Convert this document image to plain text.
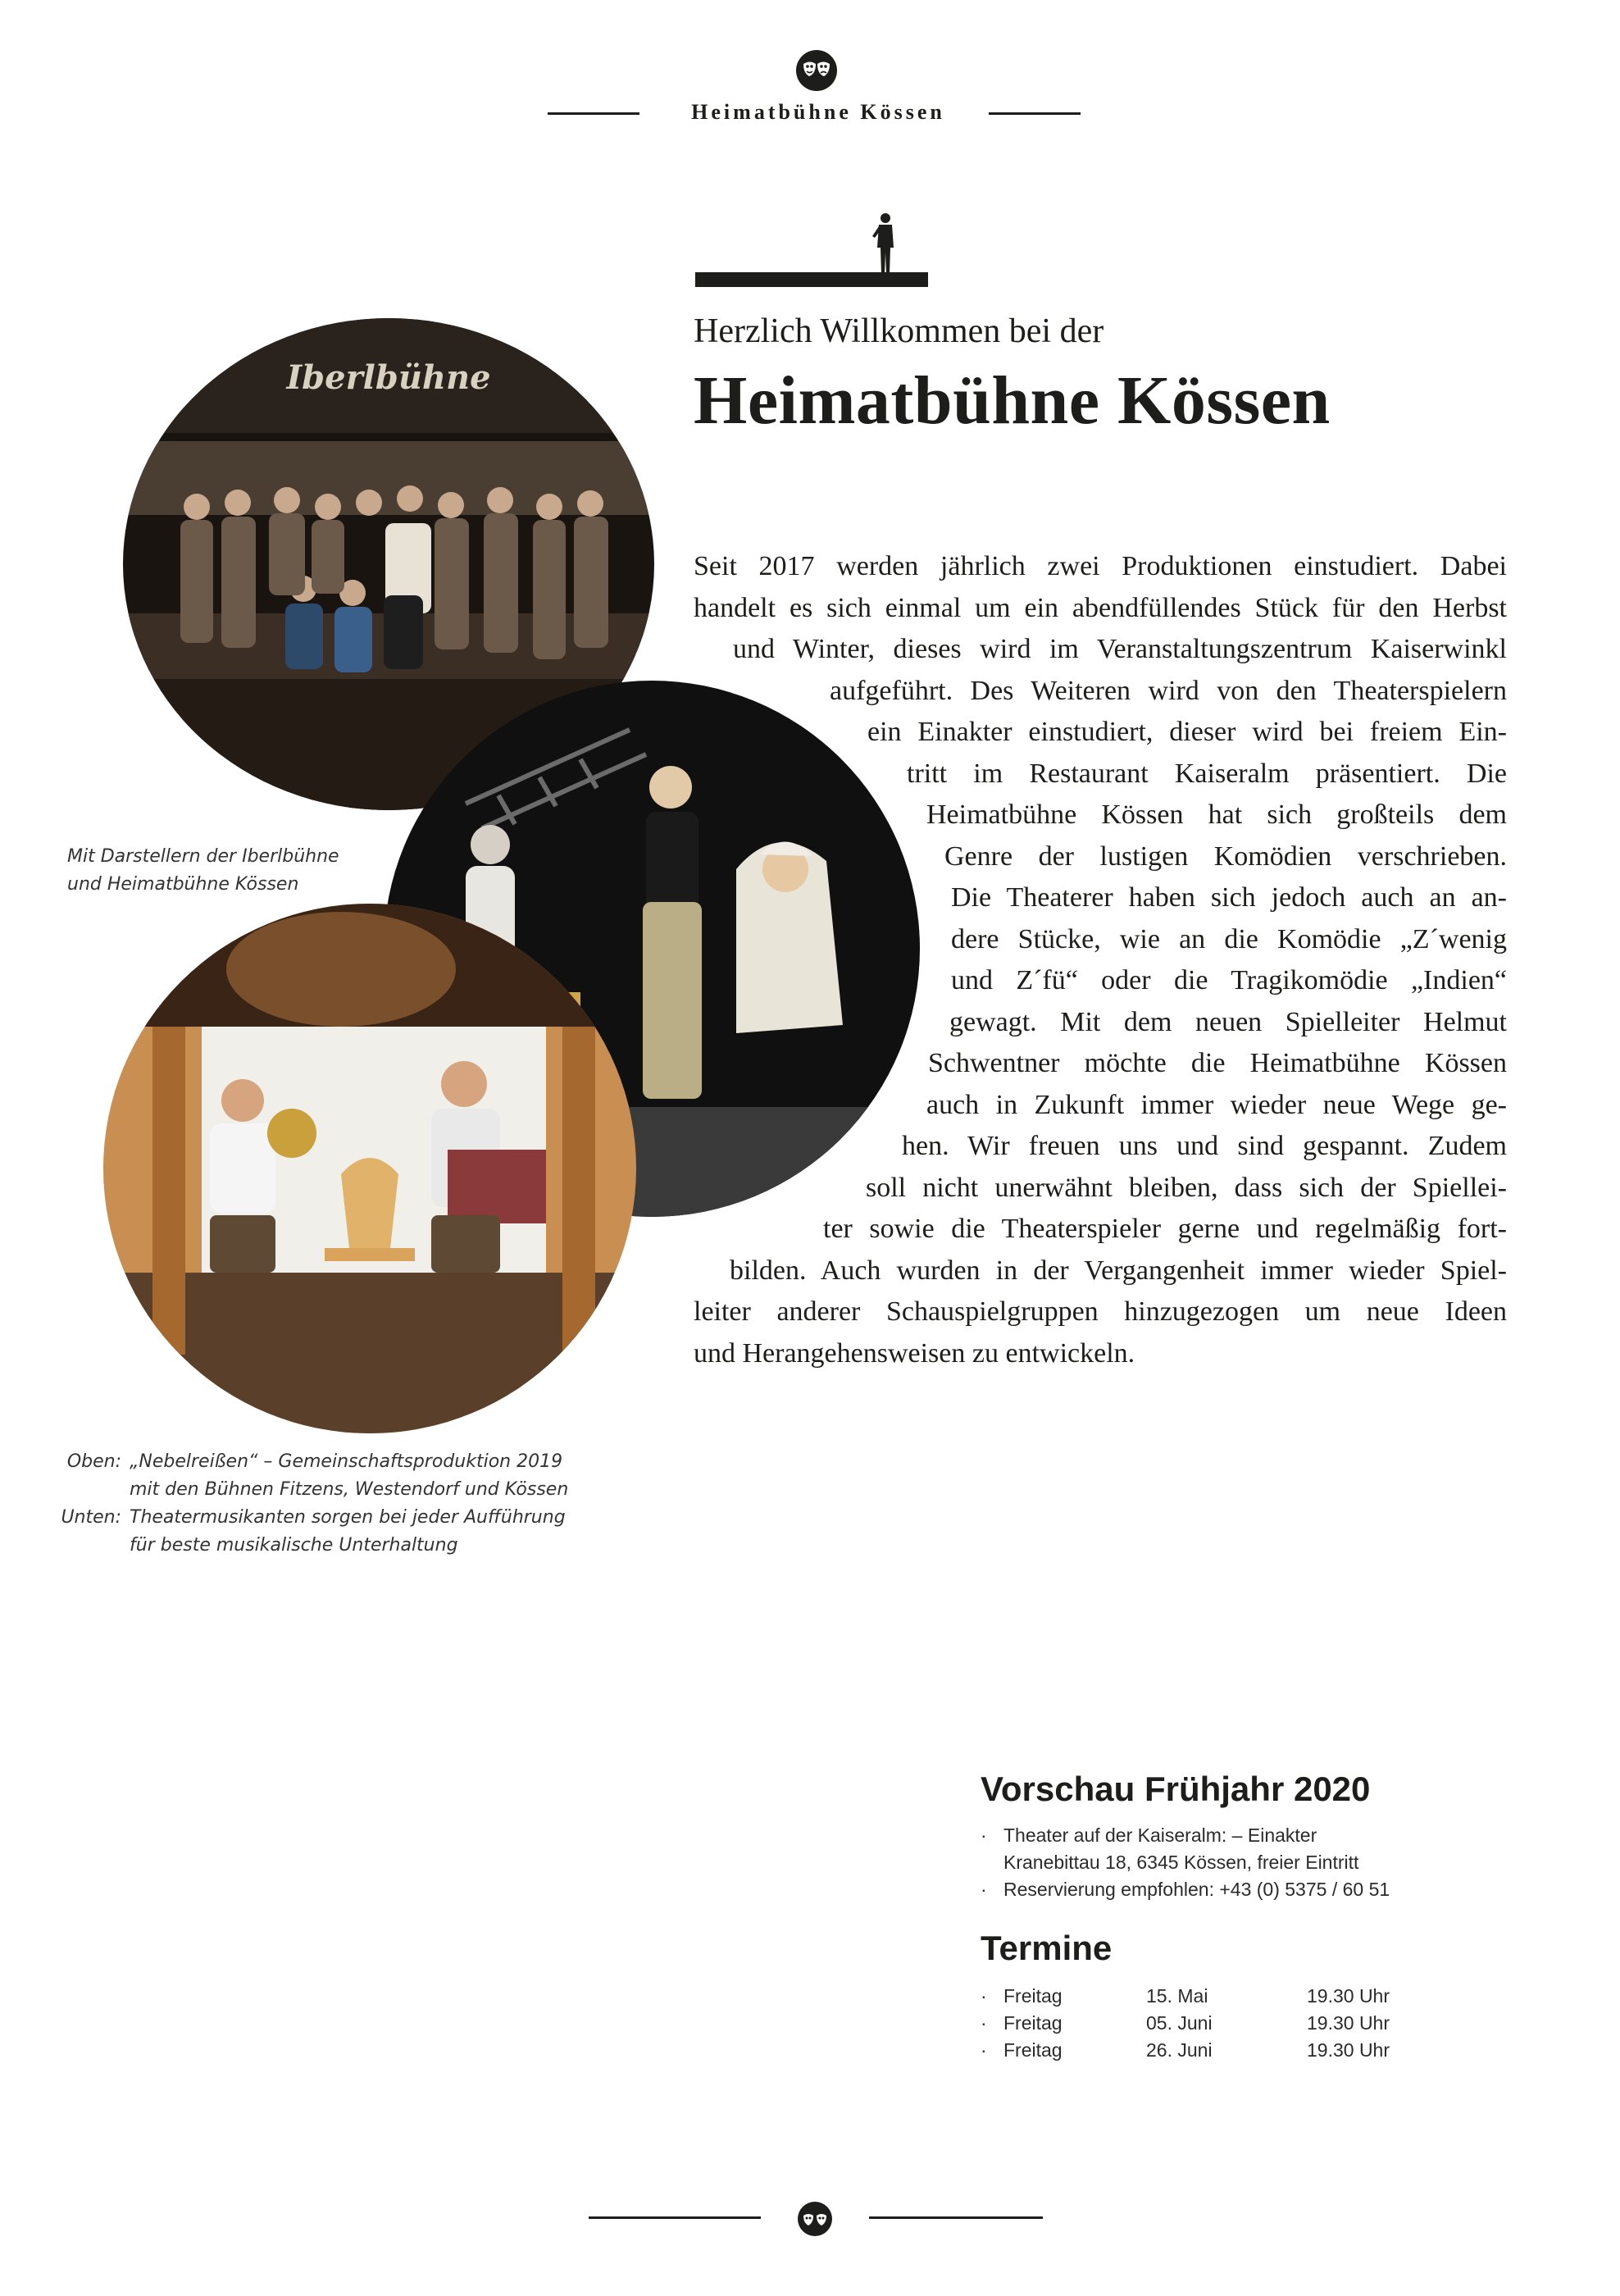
Heimatbühne Kössen
Herzlich Willkommen bei der
Heimatbühne Kössen
Iberlbühne
Mit Darstellern der Iberlbühne
und Heimatbühne Kössen
Oben: „Nebelreißen“ – Gemeinschaftsproduktion 2019
mit den Bühnen Fitzens, Westendorf und Kössen
Unten: Theatermusikanten sorgen bei jeder Aufführung
für beste musikalische Unterhaltung
Seit 2017 werden jährlich zwei Produktionen einstudiert. Dabei
handelt es sich einmal um ein abendfüllendes Stück für den Herbst
und Winter, dieses wird im Veranstaltungszentrum Kaiserwinkl
aufgeführt. Des Weiteren wird von den Theaterspielern
ein Einakter einstudiert, dieser wird bei freiem Ein-
tritt im Restaurant Kaiseralm präsentiert. Die
Heimatbühne Kössen hat sich großteils dem
Genre der lustigen Komödien verschrieben.
Die Theaterer haben sich jedoch auch an an-
dere Stücke, wie an die Komödie „Z´wenig
und Z´fü“ oder die Tragikomödie „Indien“
gewagt. Mit dem neuen Spielleiter Helmut
Schwentner möchte die Heimatbühne Kössen
auch in Zukunft immer wieder neue Wege ge-
hen. Wir freuen uns und sind gespannt. Zudem
soll nicht unerwähnt bleiben, dass sich der Spiellei-
ter sowie die Theaterspieler gerne und regelmäßig fort-
bilden. Auch wurden in der Vergangenheit immer wieder Spiel-
leiter anderer Schauspielgruppen hinzugezogen um neue Ideen
und Herangehensweisen zu entwickeln.
Vorschau Frühjahr 2020
· Theater auf der Kaiseralm: – Einakter
Kranebittau 18, 6345 Kössen, freier Eintritt
· Reservierung empfohlen: +43 (0) 5375 / 60 51
Termine
· Freitag	15. Mai	19.30 Uhr
· Freitag	05. Juni	19.30 Uhr
· Freitag	26. Juni	19.30 Uhr
